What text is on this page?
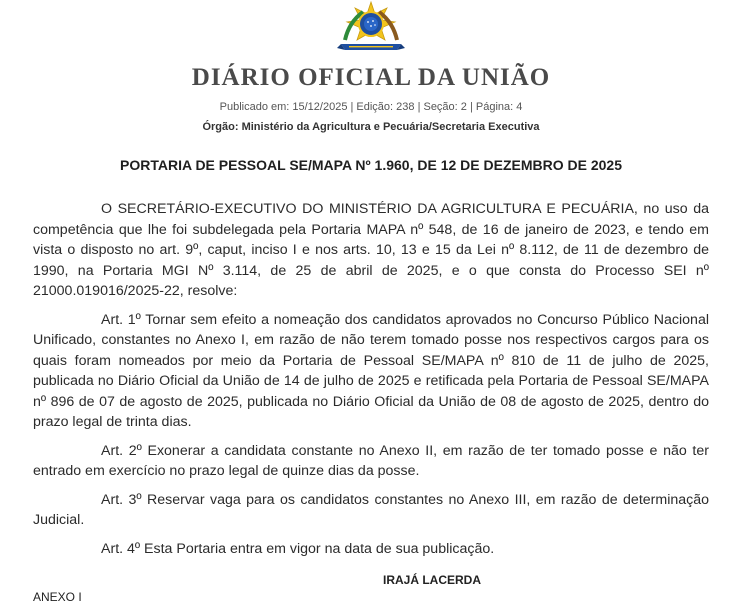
DIÁRIO OFICIAL DA UNIÃO
Publicado em: 15/12/2025 | Edição: 238 | Seção: 2 | Página: 4
Órgão: Ministério da Agricultura e Pecuária/Secretaria Executiva
PORTARIA DE PESSOAL SE/MAPA Nº 1.960, DE 12 DE DEZEMBRO DE 2025

O SECRETÁRIO-EXECUTIVO DO MINISTÉRIO DA AGRICULTURA E PECUÁRIA, no uso da competência que lhe foi subdelegada pela Portaria MAPA nº 548, de 16 de janeiro de 2023, e tendo em vista o disposto no art. 9º, caput, inciso I e nos arts. 10, 13 e 15 da Lei nº 8.112, de 11 de dezembro de 1990, na Portaria MGI Nº 3.114, de 25 de abril de 2025, e o que consta do Processo SEI nº 21000.019016/2025-22, resolve:

Art. 1º Tornar sem efeito a nomeação dos candidatos aprovados no Concurso Público Nacional Unificado, constantes no Anexo I, em razão de não terem tomado posse nos respectivos cargos para os quais foram nomeados por meio da Portaria de Pessoal SE/MAPA nº 810 de 11 de julho de 2025, publicada no Diário Oficial da União de 14 de julho de 2025 e retificada pela Portaria de Pessoal SE/MAPA nº 896 de 07 de agosto de 2025, publicada no Diário Oficial da União de 08 de agosto de 2025, dentro do prazo legal de trinta dias.

Art. 2º Exonerar a candidata constante no Anexo II, em razão de ter tomado posse e não ter entrado em exercício no prazo legal de quinze dias da posse.

Art. 3º Reservar vaga para os candidatos constantes no Anexo III, em razão de determinação Judicial.

Art. 4º Esta Portaria entra em vigor na data de sua publicação.

IRAJÁ LACERDA
ANEXO I
